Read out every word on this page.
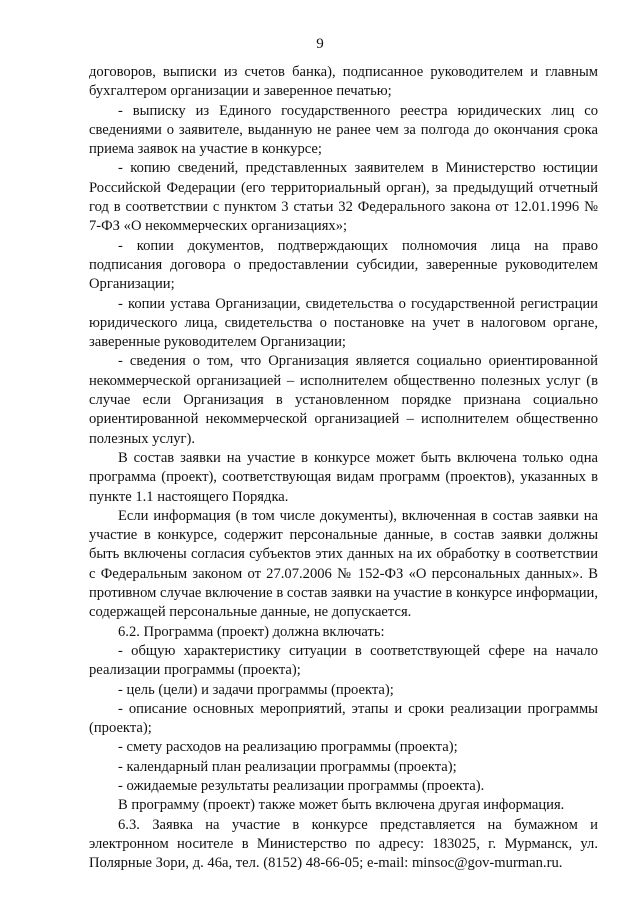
9

договоров, выписки из счетов банка), подписанное руководителем и главным бухгалтером организации и заверенное печатью;

- выписку из Единого государственного реестра юридических лиц со сведениями о заявителе, выданную не ранее чем за полгода до окончания срока приема заявок на участие в конкурсе;

- копию сведений, представленных заявителем в Министерство юстиции Российской Федерации (его территориальный орган), за предыдущий отчетный год в соответствии с пунктом 3 статьи 32 Федерального закона от 12.01.1996 № 7-ФЗ «О некоммерческих организациях»;

- копии документов, подтверждающих полномочия лица на право подписания договора о предоставлении субсидии, заверенные руководителем Организации;

- копии устава Организации, свидетельства о государственной регистрации юридического лица, свидетельства о постановке на учет в налоговом органе, заверенные руководителем Организации;

- сведения о том, что Организация является социально ориентированной некоммерческой организацией – исполнителем общественно полезных услуг (в случае если Организация в установленном порядке признана социально ориентированной некоммерческой организацией – исполнителем общественно полезных услуг).

В состав заявки на участие в конкурсе может быть включена только одна программа (проект), соответствующая видам программ (проектов), указанных в пункте 1.1 настоящего Порядка.

Если информация (в том числе документы), включенная в состав заявки на участие в конкурсе, содержит персональные данные, в состав заявки должны быть включены согласия субъектов этих данных на их обработку в соответствии с Федеральным законом от 27.07.2006 № 152-ФЗ «О персональных данных». В противном случае включение в состав заявки на участие в конкурсе информации, содержащей персональные данные, не допускается.

6.2. Программа (проект) должна включать:

- общую характеристику ситуации в соответствующей сфере на начало реализации программы (проекта);

- цель (цели) и задачи программы (проекта);

- описание основных мероприятий, этапы и сроки реализации программы (проекта);

- смету расходов на реализацию программы (проекта);

- календарный план реализации программы (проекта);

- ожидаемые результаты реализации программы (проекта).

В программу (проект) также может быть включена другая информация.

6.3. Заявка на участие в конкурсе представляется на бумажном и электронном носителе в Министерство по адресу: 183025, г. Мурманск, ул. Полярные Зори, д. 46а, тел. (8152) 48-66-05; e-mail: minsoc@gov-murman.ru.
